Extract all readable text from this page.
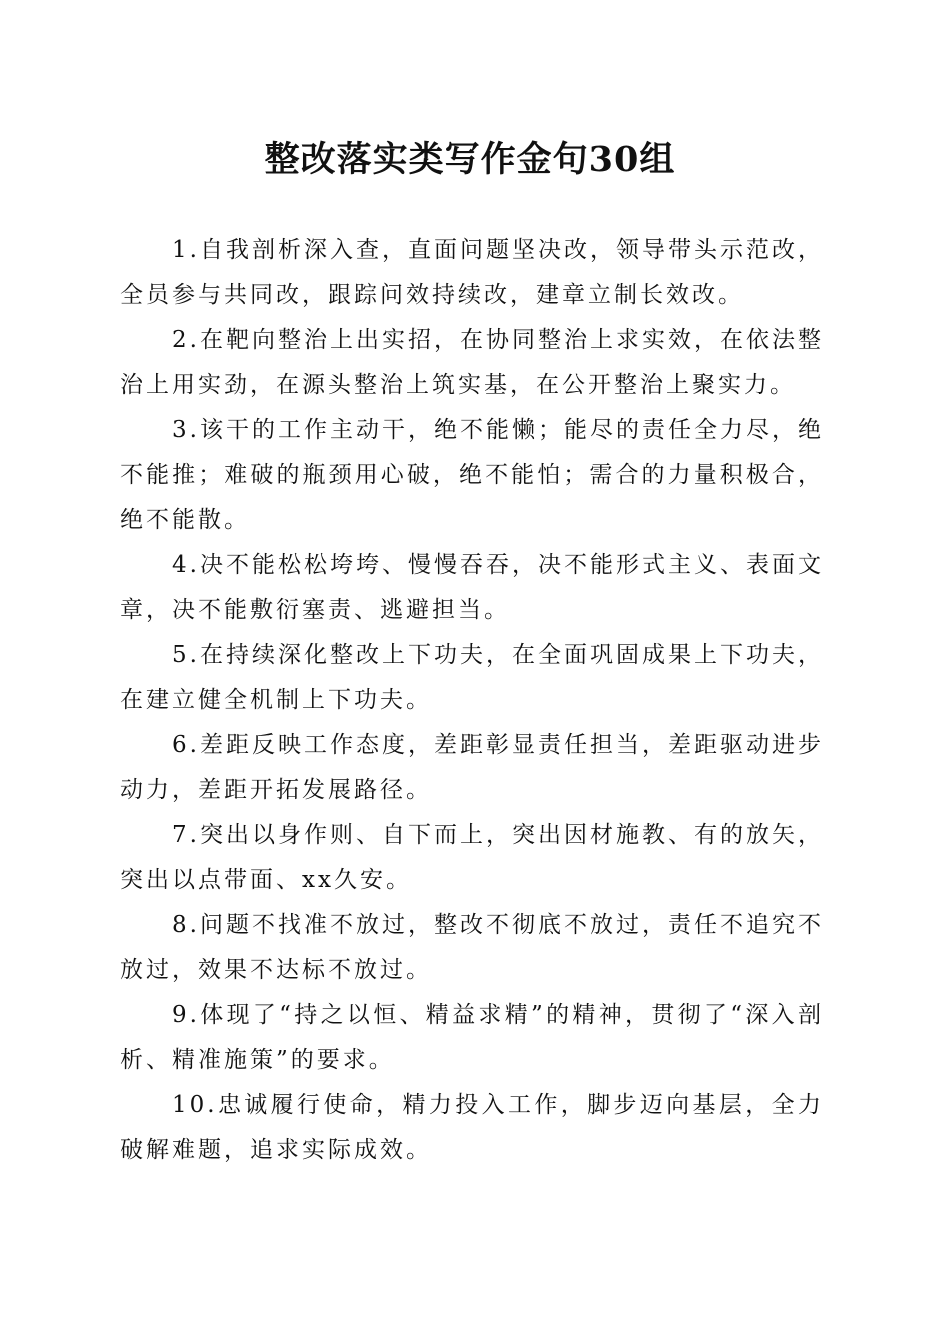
整改落实类写作金句30组

1.自我剖析深入查，直面问题坚决改，领导带头示范改，全员参与共同改，跟踪问效持续改，建章立制长效改。

2.在靶向整治上出实招，在协同整治上求实效，在依法整治上用实劲，在源头整治上筑实基，在公开整治上聚实力。

3.该干的工作主动干，绝不能懒；能尽的责任全力尽，绝不能推；难破的瓶颈用心破，绝不能怕；需合的力量积极合，绝不能散。

4.决不能松松垮垮、慢慢吞吞，决不能形式主义、表面文章，决不能敷衍塞责、逃避担当。

5.在持续深化整改上下功夫，在全面巩固成果上下功夫，在建立健全机制上下功夫。

6.差距反映工作态度，差距彰显责任担当，差距驱动进步动力，差距开拓发展路径。

7.突出以身作则、自下而上，突出因材施教、有的放矢，突出以点带面、xx久安。

8.问题不找准不放过，整改不彻底不放过，责任不追究不放过，效果不达标不放过。

9.体现了“持之以恒、精益求精”的精神，贯彻了“深入剖析、精准施策”的要求。

10.忠诚履行使命，精力投入工作，脚步迈向基层，全力破解难题，追求实际成效。
